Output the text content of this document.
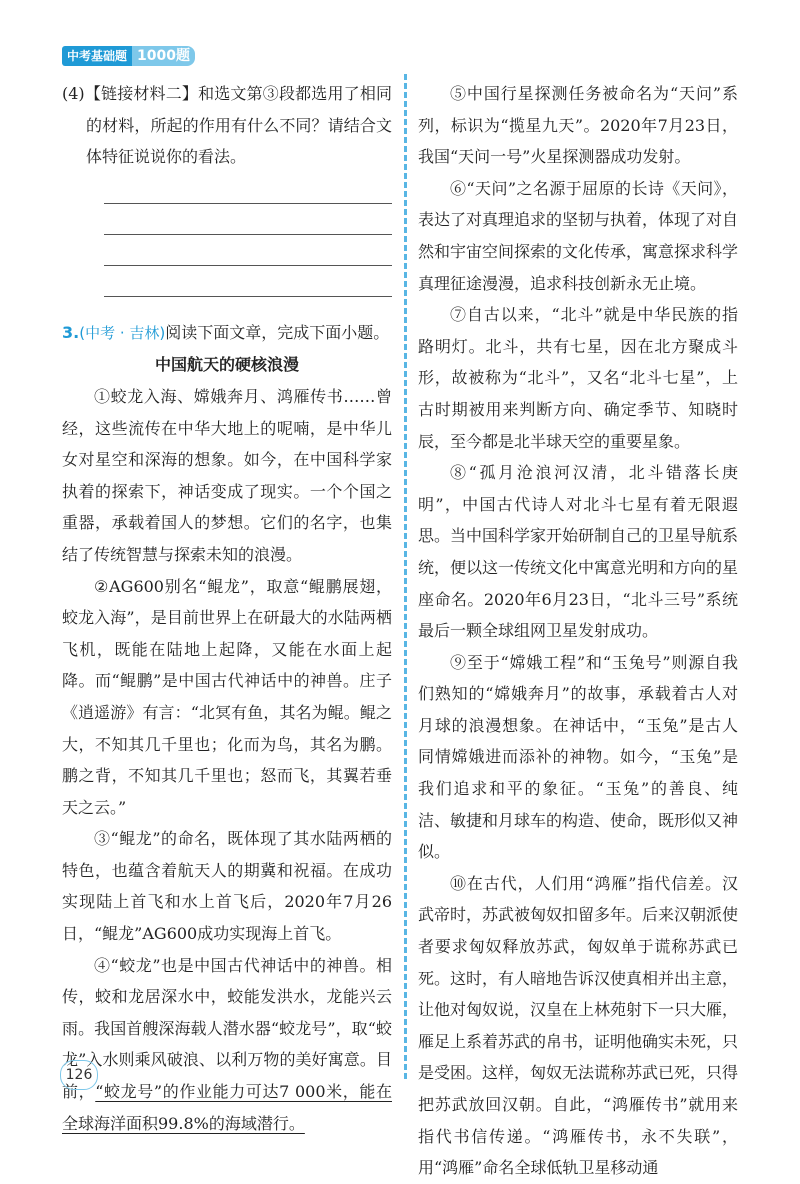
中考基础题 1000题

(4)【链接材料二】和选文第③段都选用了相同的材料，所起的作用有什么不同？请结合文体特征说说你的看法。

3.(中考 · 吉林)阅读下面文章，完成下面小题。

中国航天的硬核浪漫

①蛟龙入海、嫦娥奔月、鸿雁传书……曾经，这些流传在中华大地上的呢喃，是中华儿女对星空和深海的想象。如今，在中国科学家执着的探索下，神话变成了现实。一个个国之重器，承载着国人的梦想。它们的名字，也集结了传统智慧与探索未知的浪漫。

②AG600别名“鲲龙”，取意“鲲鹏展翅，蛟龙入海”，是目前世界上在研最大的水陆两栖飞机，既能在陆地上起降，又能在水面上起降。而“鲲鹏”是中国古代神话中的神兽。庄子《逍遥游》有言：“北冥有鱼，其名为鲲。鲲之大，不知其几千里也；化而为鸟，其名为鹏。鹏之背，不知其几千里也；怒而飞，其翼若垂天之云。”

③“鲲龙”的命名，既体现了其水陆两栖的特色，也蕴含着航天人的期冀和祝福。在成功实现陆上首飞和水上首飞后，2020年7月26日，“鲲龙”AG600成功实现海上首飞。

④“蛟龙”也是中国古代神话中的神兽。相传，蛟和龙居深水中，蛟能发洪水，龙能兴云雨。我国首艘深海载人潜水器“蛟龙号”，取“蛟龙”入水则乘风破浪、以利万物的美好寓意。目前，“蛟龙号”的作业能力可达7 000米，能在全球海洋面积99.8%的海域潜行。

⑤中国行星探测任务被命名为“天问”系列，标识为“揽星九天”。2020年7月23日，我国“天问一号”火星探测器成功发射。

⑥“天问”之名源于屈原的长诗《天问》，表达了对真理追求的坚韧与执着，体现了对自然和宇宙空间探索的文化传承，寓意探求科学真理征途漫漫，追求科技创新永无止境。

⑦自古以来，“北斗”就是中华民族的指路明灯。北斗，共有七星，因在北方聚成斗形，故被称为“北斗”，又名“北斗七星”，上古时期被用来判断方向、确定季节、知晓时辰，至今都是北半球天空的重要星象。

⑧“孤月沧浪河汉清，北斗错落长庚明”，中国古代诗人对北斗七星有着无限遐思。当中国科学家开始研制自己的卫星导航系统，便以这一传统文化中寓意光明和方向的星座命名。2020年6月23日，“北斗三号”系统最后一颗全球组网卫星发射成功。

⑨至于“嫦娥工程”和“玉兔号”则源自我们熟知的“嫦娥奔月”的故事，承载着古人对月球的浪漫想象。在神话中，“玉兔”是古人同情嫦娥进而添补的神物。如今，“玉兔”是我们追求和平的象征。“玉兔”的善良、纯洁、敏捷和月球车的构造、使命，既形似又神似。

⑩在古代，人们用“鸿雁”指代信差。汉武帝时，苏武被匈奴扣留多年。后来汉朝派使者要求匈奴释放苏武，匈奴单于谎称苏武已死。这时，有人暗地告诉汉使真相并出主意，让他对匈奴说，汉皇在上林苑射下一只大雁，雁足上系着苏武的帛书，证明他确实未死，只是受困。这样，匈奴无法谎称苏武已死，只得把苏武放回汉朝。自此，“鸿雁传书”就用来指代书信传递。“鸿雁传书，永不失联”，用“鸿雁”命名全球低轨卫星移动通

126
